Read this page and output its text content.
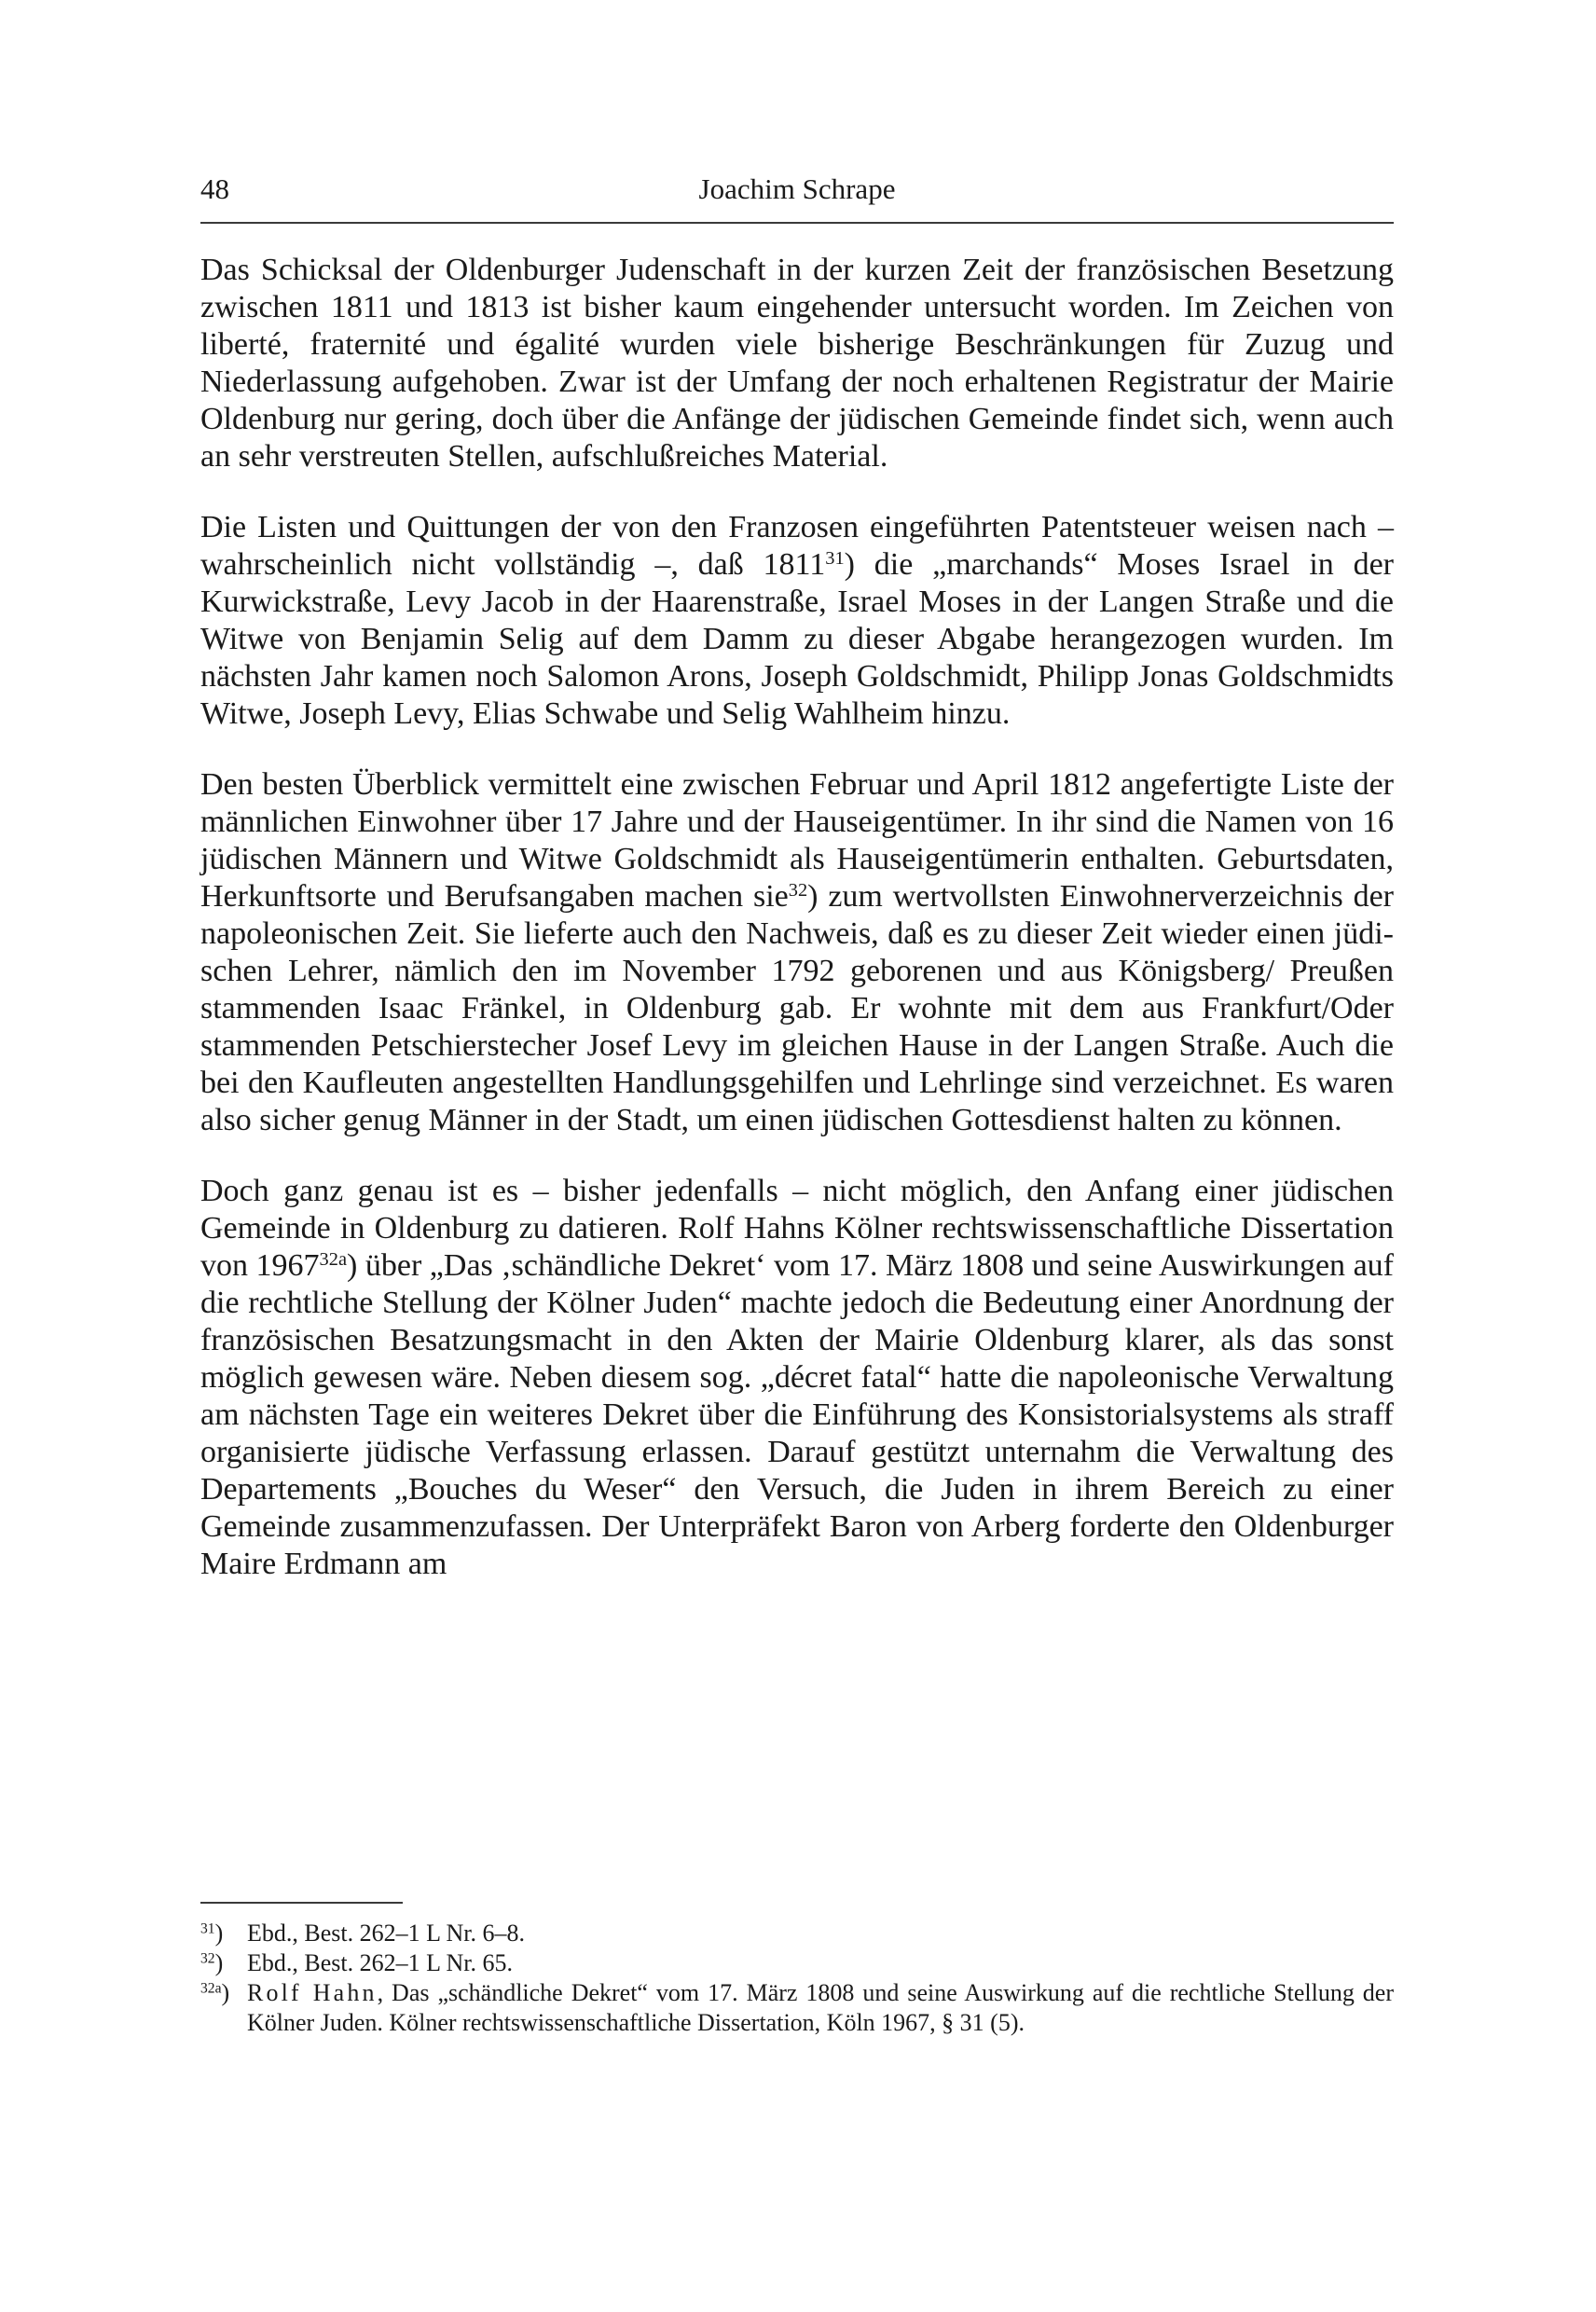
48	Joachim Schrape

Das Schicksal der Oldenburger Judenschaft in der kurzen Zeit der französischen Besetzung zwischen 1811 und 1813 ist bisher kaum eingehender untersucht worden. Im Zeichen von liberté, fraternité und égalité wurden viele bisherige Beschränkungen für Zuzug und Niederlassung aufgehoben. Zwar ist der Umfang der noch erhaltenen Registratur der Mairie Oldenburg nur gering, doch über die Anfänge der jüdischen Gemeinde findet sich, wenn auch an sehr verstreuten Stellen, aufschlußreiches Material.

Die Listen und Quittungen der von den Franzosen eingeführten Patentsteuer weisen nach – wahrscheinlich nicht vollständig –, daß 1811$^{31}$) die „marchands“ Moses Israel in der Kurwickstraße, Levy Jacob in der Haarenstraße, Israel Moses in der Langen Straße und die Witwe von Benjamin Selig auf dem Damm zu dieser Abgabe herangezogen wurden. Im nächsten Jahr kamen noch Salomon Arons, Joseph Goldschmidt, Philipp Jonas Goldschmidts Witwe, Joseph Levy, Elias Schwabe und Selig Wahlheim hinzu.

Den besten Überblick vermittelt eine zwischen Februar und April 1812 angefertigte Liste der männlichen Einwohner über 17 Jahre und der Hauseigentümer. In ihr sind die Namen von 16 jüdischen Männern und Witwe Goldschmidt als Hauseigentümerin enthalten. Geburtsdaten, Herkunftsorte und Berufsangaben machen sie$^{32}$) zum wertvollsten Einwohnerverzeichnis der napoleonischen Zeit. Sie lieferte auch den Nachweis, daß es zu dieser Zeit wieder einen jüdischen Lehrer, nämlich den im November 1792 geborenen und aus Königsberg/ Preußen stammenden Isaac Fränkel, in Oldenburg gab. Er wohnte mit dem aus Frankfurt/Oder stammenden Petschierstecher Josef Levy im gleichen Hause in der Langen Straße. Auch die bei den Kaufleuten angestellten Handlungsgehilfen und Lehrlinge sind verzeichnet. Es waren also sicher genug Männer in der Stadt, um einen jüdischen Gottesdienst halten zu können.

Doch ganz genau ist es – bisher jedenfalls – nicht möglich, den Anfang einer jüdischen Gemeinde in Oldenburg zu datieren. Rolf Hahns Kölner rechtswissenschaftliche Dissertation von $1967^{32a}$) über „Das ‚schändliche Dekret‘ vom 17. März 1808 und seine Auswirkungen auf die rechtliche Stellung der Kölner Juden“ machte jedoch die Bedeutung einer Anordnung der französischen Besatzungsmacht in den Akten der Mairie Oldenburg klarer, als das sonst möglich gewesen wäre. Neben diesem sog. „décret fatal“ hatte die napoleonische Verwaltung am nächsten Tage ein weiteres Dekret über die Einführung des Konsistorialsystems als straff organisierte jüdische Verfassung erlassen. Darauf gestützt unternahm die Verwaltung des Departements „Bouches du Weser“ den Versuch, die Juden in ihrem Bereich zu einer Gemeinde zusammenzufassen. Der Unterpräfekt Baron von Arberg forderte den Oldenburger Maire Erdmann am

$^{31}$) Ebd., Best. 262–1 L Nr. 6–8.
$^{32}$) Ebd., Best. 262–1 L Nr. 65.
$^{32a}$) Rolf Hahn, Das „schändliche Dekret“ vom 17. März 1808 und seine Auswirkung auf die rechtliche Stellung der Kölner Juden. Kölner rechtswissenschaftliche Dissertation, Köln 1967, § 31 (5).
